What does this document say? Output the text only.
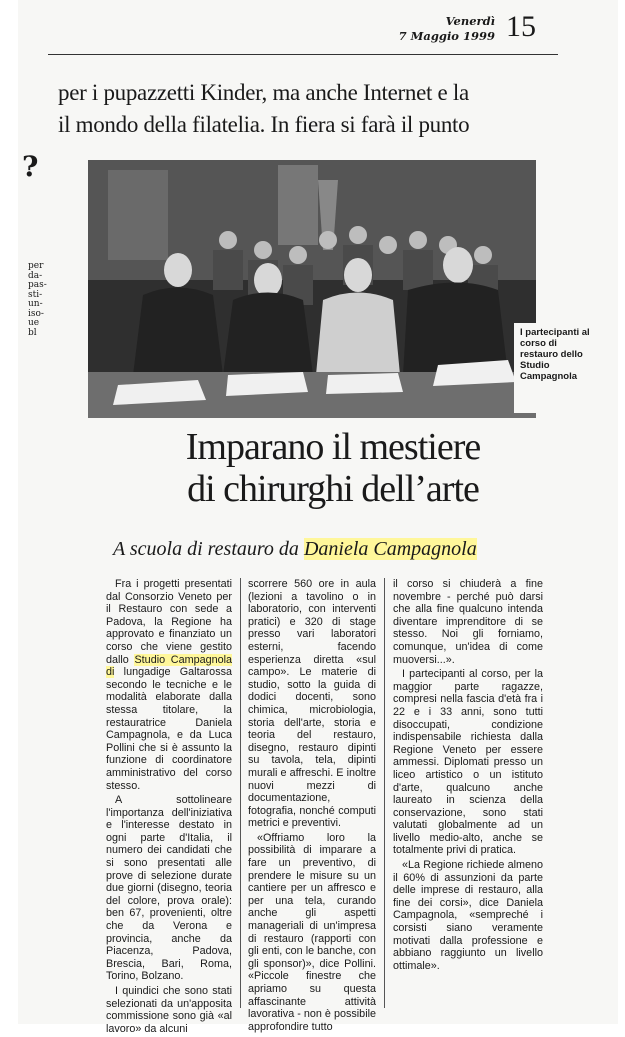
Venerdì
7 Maggio 1999 15
per i pupazzetti Kinder, ma anche Internet e la
il mondo della filatelia. In fiera si farà il punto
?
per da- pas- sti- un- iso- ue bl	I partecipanti al corso di restauro dello Studio Campagnola
Imparano il mestiere
di chirurghi dell’arte
A scuola di restauro da Daniela Campagnola

Fra i progetti presentati dal Consorzio Veneto per il Restauro con sede a Padova, la Regione ha approvato e finanziato un corso che viene gestito dallo Studio Campagnola di lungadige Galtarossa secondo le tecniche e le modalità elaborate dalla stessa titolare, la restauratrice Daniela Campagnola, e da Luca Pollini che si è assunto la funzione di coordinatore amministrativo del corso stesso.

A sottolineare l'importanza dell'iniziativa e l'interesse destato in ogni parte d'Italia, il numero dei candidati che si sono presentati alle prove di selezione durate due giorni (disegno, teoria del colore, prova orale): ben 67, provenienti, oltre che da Verona e provincia, anche da Piacenza, Padova, Brescia, Bari, Roma, Torino, Bolzano.

I quindici che sono stati selezionati da un'apposita commissione sono già «al lavoro» da alcuni

scorrere 560 ore in aula (lezioni a tavolino o in laboratorio, con interventi pratici) e 320 di stage presso vari laboratori esterni, facendo esperienza diretta «sul campo». Le materie di studio, sotto la guida di dodici docenti, sono chimica, microbiologia, storia dell'arte, storia e teoria del restauro, disegno, restauro dipinti su tavola, tela, dipinti murali e affreschi. E inoltre nuovi mezzi di documentazione, fotografia, nonché computi metrici e preventivi.

«Offriamo loro la possibilità di imparare a fare un preventivo, di prendere le misure su un cantiere per un affresco e per una tela, curando anche gli aspetti manageriali di un'impresa di restauro (rapporti con gli enti, con le banche, con gli sponsor)», dice Pollini. «Piccole finestre che apriamo su questa affascinante attività lavorativa - non è possibile approfondire tutto

il corso si chiuderà a fine novembre - perché può darsi che alla fine qualcuno intenda diventare imprenditore di se stesso. Noi gli forniamo, comunque, un'idea di come muoversi...».

I partecipanti al corso, per la maggior parte ragazze, compresi nella fascia d'età fra i 22 e i 33 anni, sono tutti disoccupati, condizione indispensabile richiesta dalla Regione Veneto per essere ammessi. Diplomati presso un liceo artistico o un istituto d'arte, qualcuno anche laureato in scienza della conservazione, sono stati valutati globalmente ad un livello medio-alto, anche se totalmente privi di pratica.

«La Regione richiede almeno il 60% di assunzioni da parte delle imprese di restauro, alla fine dei corsi», dice Daniela Campagnola, «sempreché i corsisti siano veramente motivati dalla professione e abbiano raggiunto un livello ottimale».
